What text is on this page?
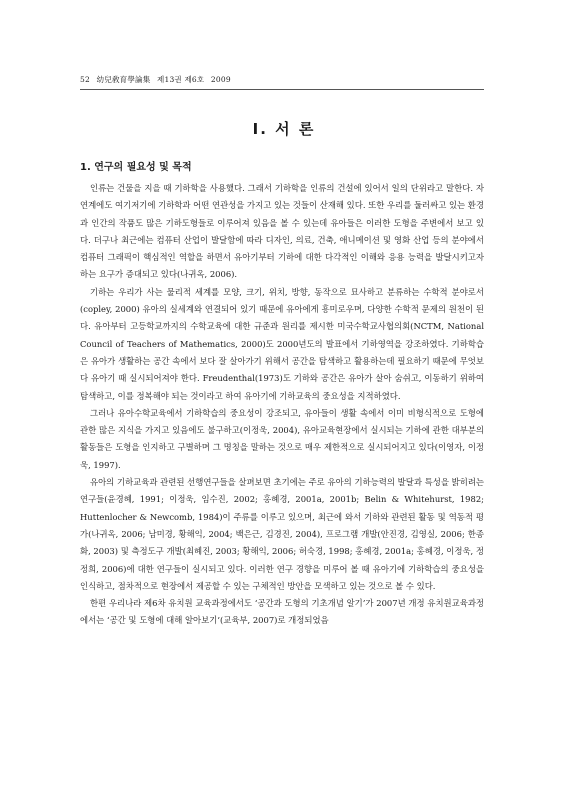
52 幼兒敎育學論集 제13권 제6호 2009
Ⅰ. 서 론
1. 연구의 필요성 및 목적

인류는 건물을 지을 때 기하학을 사용했다. 그래서 기하학을 인류의 건설에 있어서 일의 단위라고 말한다. 자연계에도 여기저기에 기하학과 어떤 연관성을 가지고 있는 것들이 산재해 있다. 또한 우리를 둘러싸고 있는 환경과 인간의 작품도 많은 기하도형들로 이루어져 있음을 볼 수 있는데 유아들은 이러한 도형을 주변에서 보고 있다. 더구나 최근에는 컴퓨터 산업이 발달함에 따라 디자인, 의료, 건축, 애니메이션 및 영화 산업 등의 분야에서 컴퓨터 그래픽이 핵심적인 역할을 하면서 유아기부터 기하에 대한 다각적인 이해와 응용 능력을 발달시키고자 하는 요구가 증대되고 있다(나귀옥, 2006).

기하는 우리가 사는 물리적 세계를 모양, 크기, 위치, 방향, 동작으로 묘사하고 분류하는 수학적 분야로서(copley, 2000) 유아의 실세계와 연결되어 있기 때문에 유아에게 흥미로우며, 다양한 수학적 문제의 원천이 된다. 유아부터 고등학교까지의 수학교육에 대한 규준과 원리를 제시한 미국수학교사협의회(NCTM, National Council of Teachers of Mathematics, 2000)도 2000년도의 발표에서 기하영역을 강조하였다. 기하학습은 유아가 생활하는 공간 속에서 보다 잘 살아가기 위해서 공간을 탐색하고 활용하는데 필요하기 때문에 무엇보다 유아기 때 실시되어져야 한다. Freudenthal(1973)도 기하와 공간은 유아가 살아 숨쉬고, 이동하기 위하여 탐색하고, 이를 정복해야 되는 것이라고 하여 유아기에 기하교육의 중요성을 지적하였다.

그러나 유아수학교육에서 기하학습의 중요성이 강조되고, 유아들이 생활 속에서 이미 비형식적으로 도형에 관한 많은 지식을 가지고 있음에도 불구하고(이정욱, 2004), 유아교육현장에서 실시되는 기하에 관한 대부분의 활동들은 도형을 인지하고 구별하며 그 명칭을 말하는 것으로 매우 제한적으로 실시되어지고 있다(이영자, 이정욱, 1997).

유아의 기하교육과 관련된 선행연구들을 살펴보면 초기에는 주로 유아의 기하능력의 발달과 특성을 밝히려는 연구들(윤경혜, 1991; 이정욱, 임수진, 2002; 홍혜경, 2001a, 2001b; Belin & Whitehurst, 1982; Huttenlocher & Newcomb, 1984)이 주류를 이루고 있으며, 최근에 와서 기하와 관련된 활동 및 역동적 평가(나귀옥, 2006; 남미경, 황해익, 2004; 백은근, 김경진, 2004), 프로그램 개발(안진경, 김영실, 2006; 한종화, 2003) 및 측정도구 개발(최혜진, 2003; 황해익, 2006; 허숙경, 1998; 홍혜경, 2001a; 홍혜경, 이정욱, 정정희, 2006)에 대한 연구들이 실시되고 있다. 이러한 연구 경향을 미루어 볼 때 유아기에 기하학습의 중요성을 인식하고, 점차적으로 현장에서 제공할 수 있는 구체적인 방안을 모색하고 있는 것으로 볼 수 있다.

한편 우리나라 제6차 유치원 교육과정에서도 ‘공간과 도형의 기초개념 알기’가 2007년 개정 유치원교육과정에서는 ‘공간 및 도형에 대해 알아보기’(교육부, 2007)로 개정되었음
